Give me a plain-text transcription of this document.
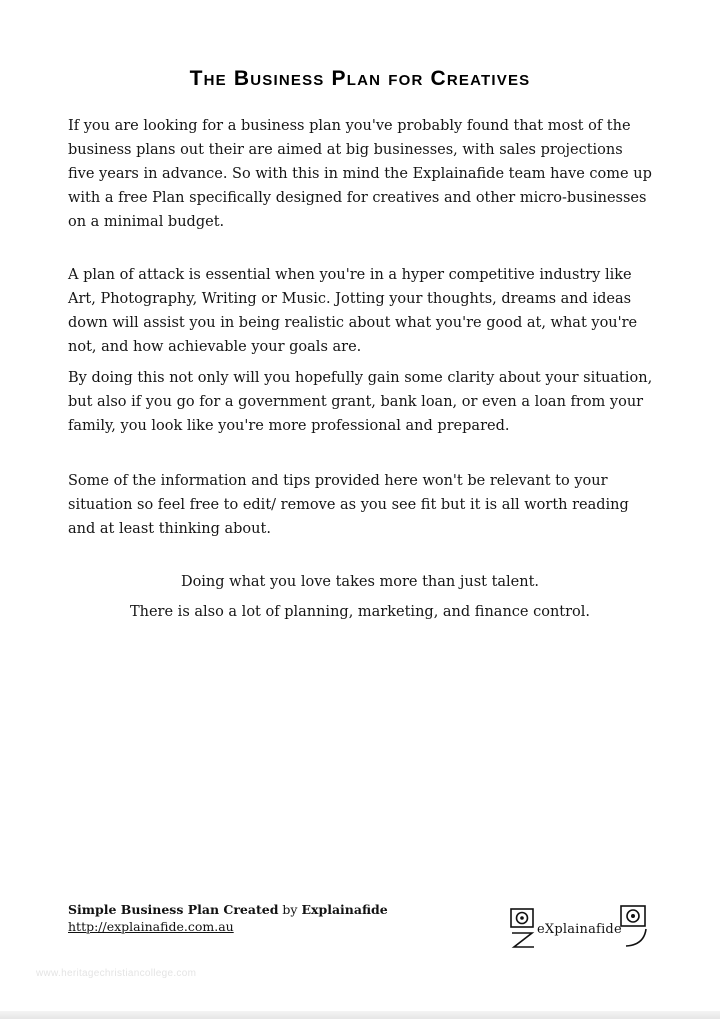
The Business Plan for Creatives

If you are looking for a business plan you've probably found that most of the business plans out their are aimed at big businesses, with sales projections five years in advance. So with this in mind the Explainafide team have come up with a free Plan specifically designed for creatives and other micro-businesses on a minimal budget.

A plan of attack is essential when you're in a hyper competitive industry like Art, Photography, Writing or Music. Jotting your thoughts, dreams and ideas down will assist you in being realistic about what you're good at, what you're not, and how achievable your goals are.

By doing this not only will you hopefully gain some clarity about your situation, but also if you go for a government grant, bank loan, or even a loan from your family, you look like you're more professional and prepared.

Some of the information and tips provided here won't be relevant to your situation so feel free to edit/ remove as you see fit but it is all worth reading and at least thinking about.

Doing what you love takes more than just talent.
There is also a lot of planning, marketing, and finance control.
Simple Business Plan Created by Explainafide
http://explainafide.com.au	eXplainafide
www.heritagechristiancollege.com
